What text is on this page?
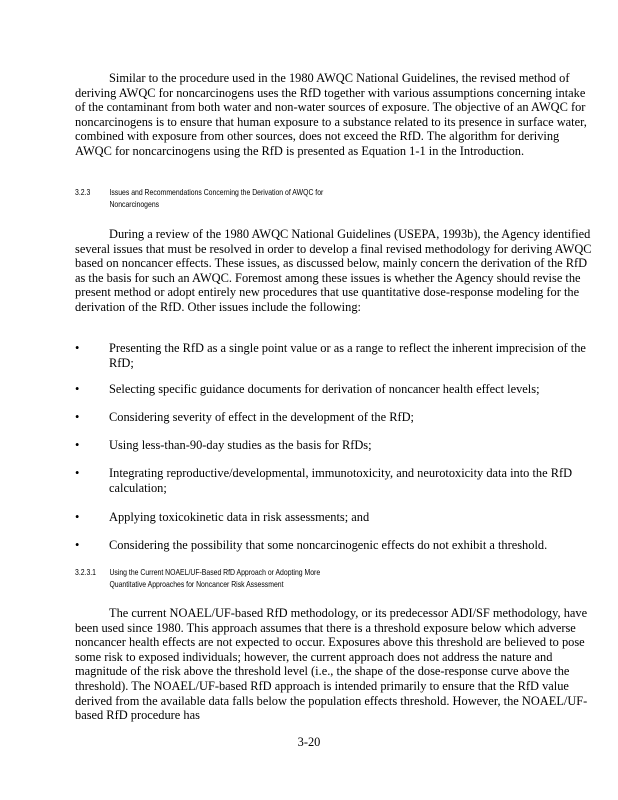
Similar to the procedure used in the 1980 AWQC National Guidelines, the revised method of deriving AWQC for noncarcinogens uses the RfD together with various assumptions concerning intake of the contaminant from both water and non-water sources of exposure. The objective of an AWQC for noncarcinogens is to ensure that human exposure to a substance related to its presence in surface water, combined with exposure from other sources, does not exceed the RfD. The algorithm for deriving AWQC for noncarcinogens using the RfD is presented as Equation 1-1 in the Introduction.

3.2.3 Issues and Recommendations Concerning the Derivation of AWQC for
Noncarcinogens

During a review of the 1980 AWQC National Guidelines (USEPA, 1993b), the Agency identified several issues that must be resolved in order to develop a final revised methodology for deriving AWQC based on noncancer effects. These issues, as discussed below, mainly concern the derivation of the RfD as the basis for such an AWQC. Foremost among these issues is whether the Agency should revise the present method or adopt entirely new procedures that use quantitative dose-response modeling for the derivation of the RfD. Other issues include the following:

•	Presenting the RfD as a single point value or as a range to reflect the inherent imprecision of the RfD;
•	Selecting specific guidance documents for derivation of noncancer health effect levels;
•	Considering severity of effect in the development of the RfD;
•	Using less-than-90-day studies as the basis for RfDs;
•	Integrating reproductive/developmental, immunotoxicity, and neurotoxicity data into the RfD calculation;
•	Applying toxicokinetic data in risk assessments; and
•	Considering the possibility that some noncarcinogenic effects do not exhibit a threshold.
3.2.3.1 Using the Current NOAEL/UF-Based RfD Approach or Adopting More
Quantitative Approaches for Noncancer Risk Assessment

The current NOAEL/UF-based RfD methodology, or its predecessor ADI/SF methodology, have been used since 1980. This approach assumes that there is a threshold exposure below which adverse noncancer health effects are not expected to occur. Exposures above this threshold are believed to pose some risk to exposed individuals; however, the current approach does not address the nature and magnitude of the risk above the threshold level (i.e., the shape of the dose-response curve above the threshold). The NOAEL/UF-based RfD approach is intended primarily to ensure that the RfD value derived from the available data falls below the population effects threshold. However, the NOAEL/UF-based RfD procedure has

3-20
